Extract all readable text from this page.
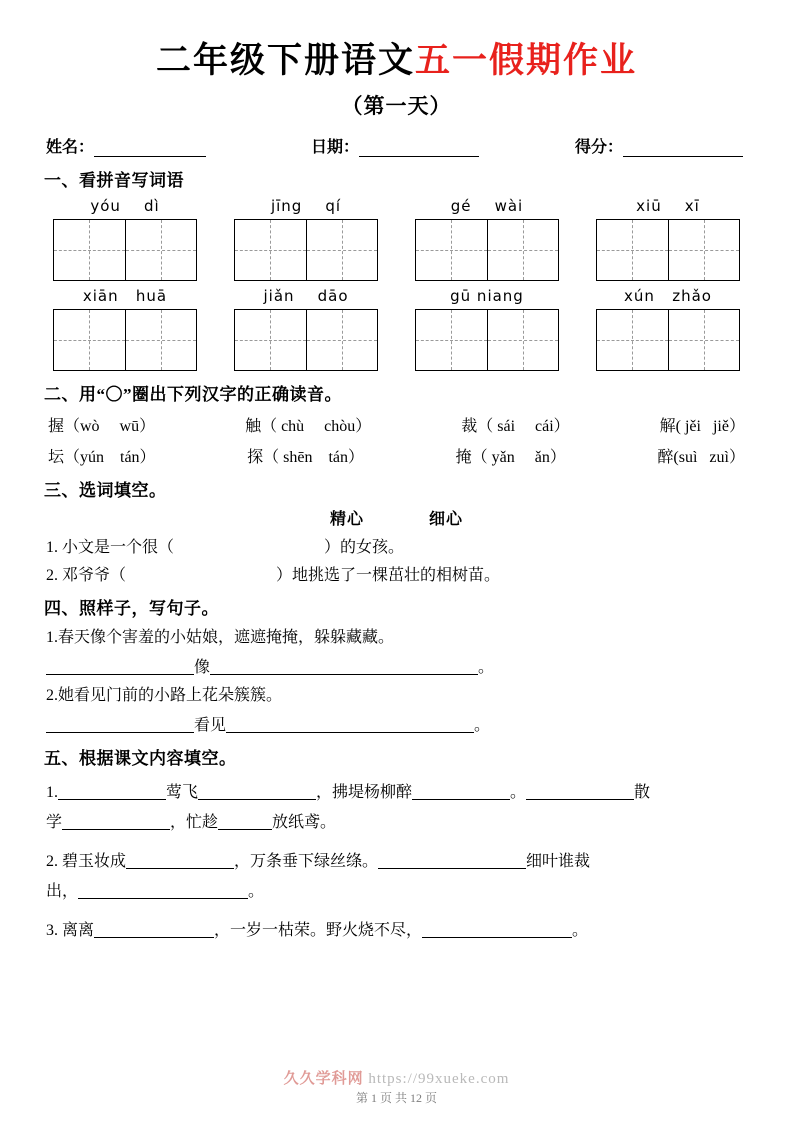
二年级下册语文五一假期作业
（第一天）
姓名：	日期：	得分：
一、看拼音写词语
yóu    dì	jīng    qí	gé    wài	xiū    xī
xiān   huā	jiǎn    dāo	gū niang	xún   zhǎo
二、用“〇”圈出下列汉字的正确读音。
握（wò     wū）	触（ chù     chòu）	裁（ sái     cái）	解( jěi   jiě）
坛（yún    tán）	探（ shēn    tán）	掩（ yǎn     ǎn）	醉(suì   zuì）
三、选词填空。
精心	细心
1. 小文是一个很（	）的女孩。
2. 邓爷爷（	）地挑选了一棵茁壮的相树苗。
四、照样子，写句子。
1.春天像个害羞的小姑娘，遮遮掩掩，躲躲藏藏。
像	。
2.她看见门前的小路上花朵簇簇。
看见	。
五、根据课文内容填空。
1.	莺飞	，拂堤杨柳醉	。	散
学	，忙趁	放纸鸢。
2. 碧玉妆成	，万条垂下绿丝绦。	细叶谁裁
出，	。
3. 离离	，一岁一枯荣。野火烧不尽，	。
久久学科网 https://99xueke.com
第 1 页 共 12 页
